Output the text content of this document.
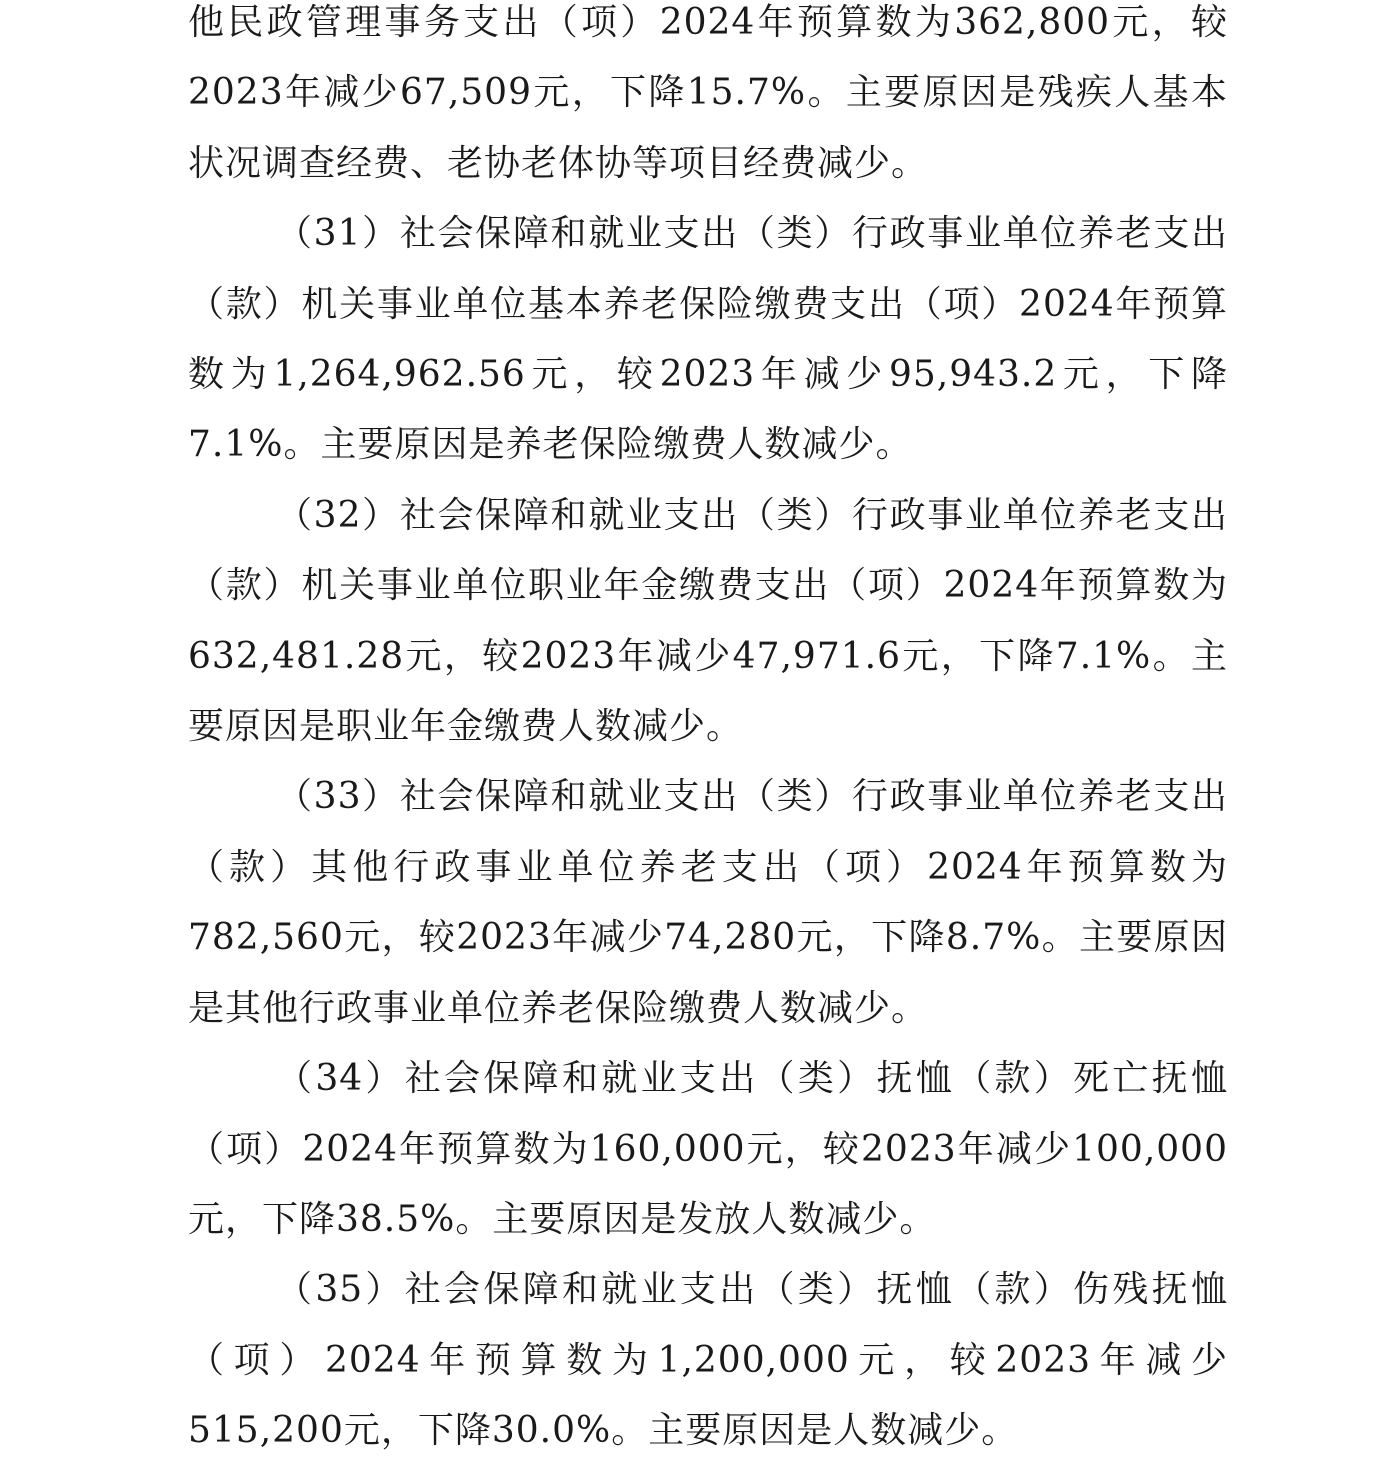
他民政管理事务支出（项）2024年预算数为362,800元，较2023年减少67,509元，下降15.7%。主要原因是残疾人基本状况调查经费、老协老体协等项目经费减少。

（31）社会保障和就业支出（类）行政事业单位养老支出（款）机关事业单位基本养老保险缴费支出（项）2024年预算数为1,264,962.56元，较2023年减少95,943.2元，下降7.1%。主要原因是养老保险缴费人数减少。

（32）社会保障和就业支出（类）行政事业单位养老支出（款）机关事业单位职业年金缴费支出（项）2024年预算数为632,481.28元，较2023年减少47,971.6元，下降7.1%。主要原因是职业年金缴费人数减少。

（33）社会保障和就业支出（类）行政事业单位养老支出（款）其他行政事业单位养老支出（项）2024年预算数为782,560元，较2023年减少74,280元，下降8.7%。主要原因是其他行政事业单位养老保险缴费人数减少。

（34）社会保障和就业支出（类）抚恤（款）死亡抚恤（项）2024年预算数为160,000元，较2023年减少100,000元，下降38.5%。主要原因是发放人数减少。

（35）社会保障和就业支出（类）抚恤（款）伤残抚恤（项）2024年预算数为1,200,000元，较2023年减少515,200元，下降30.0%。主要原因是人数减少。
